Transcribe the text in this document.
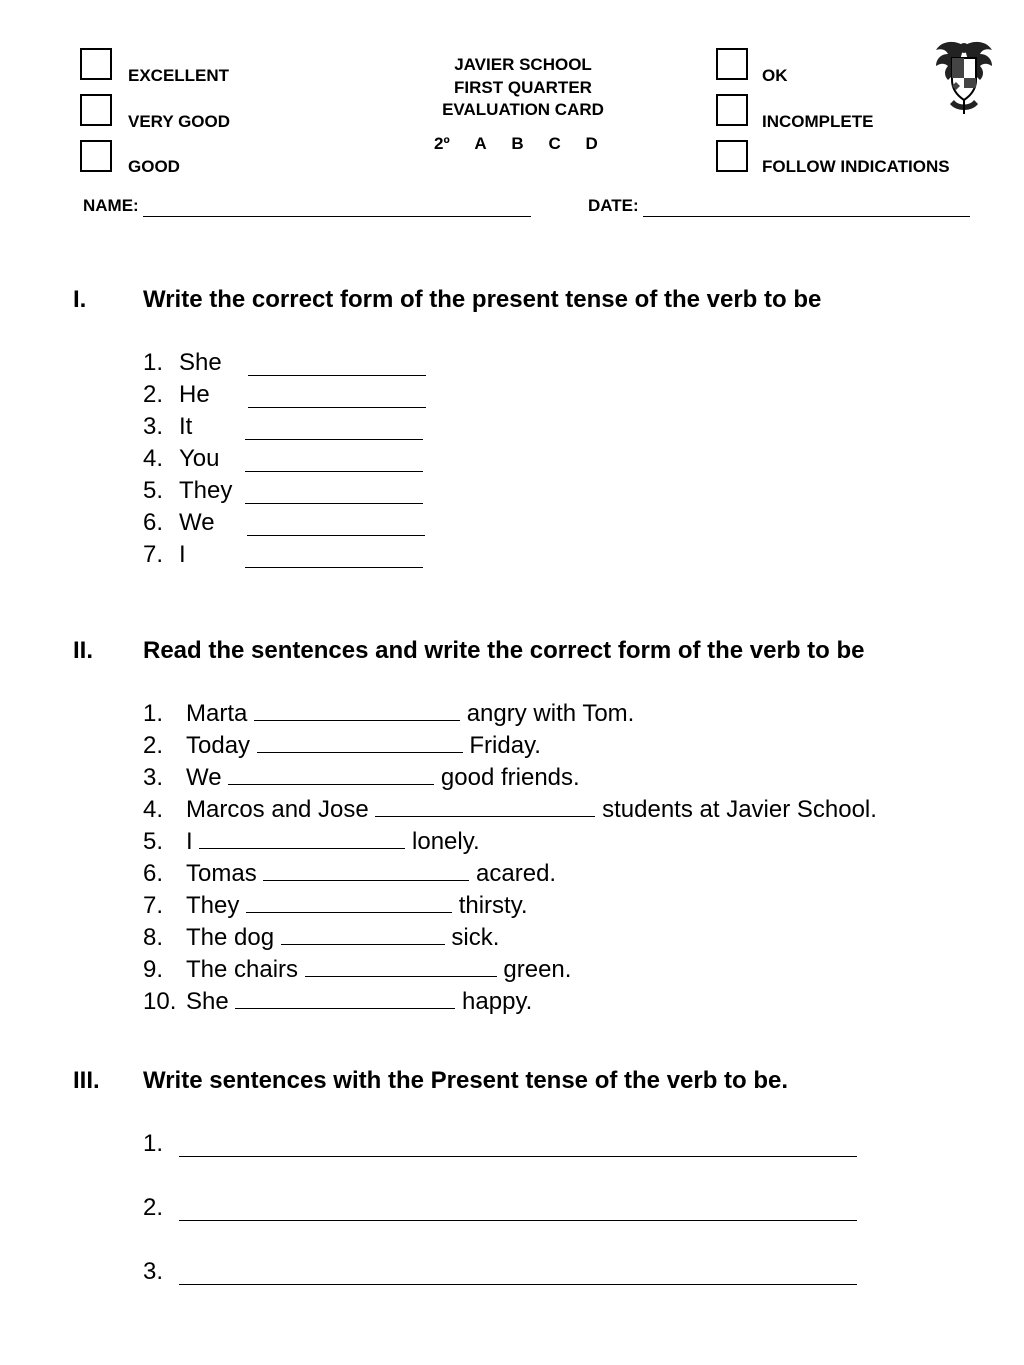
EXCELLENT
VERY GOOD
GOOD
JAVIER SCHOOL
FIRST QUARTER
EVALUATION CARD
2º A B C D
OK
INCOMPLETE
FOLLOW INDICATIONS
NAME:	DATE:
I. Write the correct form of the present tense of the verb to be
1. She
2. He
3. It
4. You
5. They
6. We
7. I
II. Read the sentences and write the correct form of the verb to be
1. Marta	angry with Tom.
2. Today	Friday.
3. We	good friends.
4. Marcos and Jose	students at Javier School.
5. I	lonely.
6. Tomas	acared.
7. They	thirsty.
8. The dog	sick.
9. The chairs	green.
10. She	happy.
III. Write sentences with the Present tense of the verb to be.
1.
2.
3.
